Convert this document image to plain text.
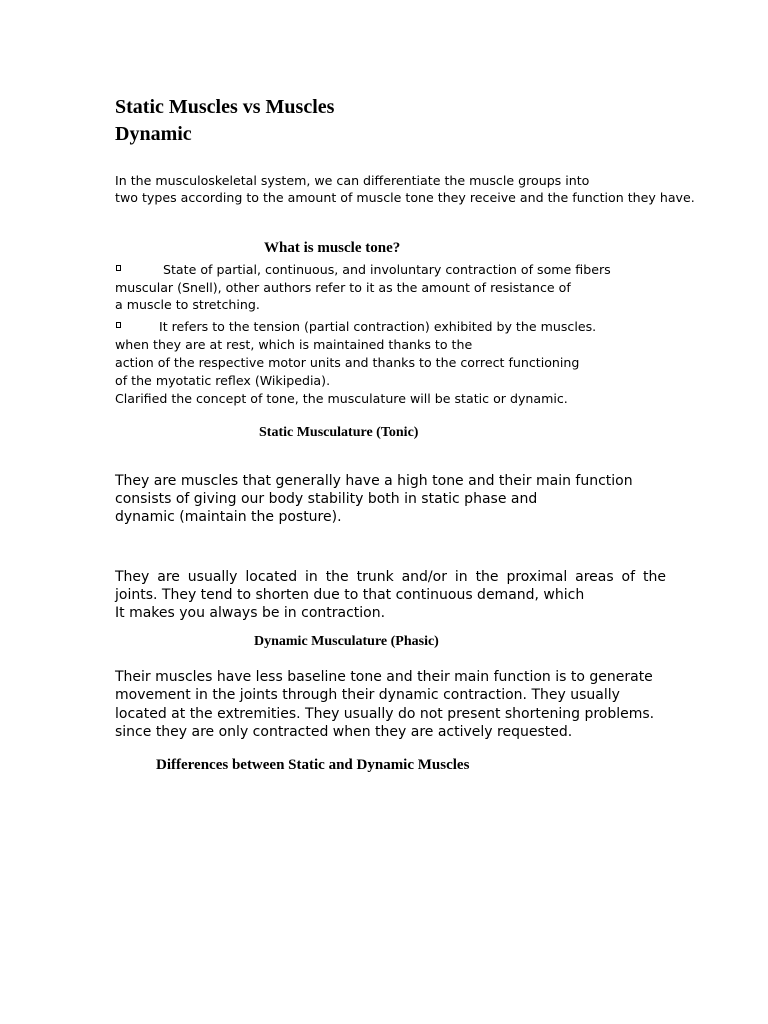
Static Muscles vs Muscles
Dynamic
In the musculoskeletal system, we can differentiate the muscle groups into
two types according to the amount of muscle tone they receive and the function they have.
What is muscle tone?
State of partial, continuous, and involuntary contraction of some fibers
muscular (Snell), other authors refer to it as the amount of resistance of
a muscle to stretching.
It refers to the tension (partial contraction) exhibited by the muscles.
when they are at rest, which is maintained thanks to the
action of the respective motor units and thanks to the correct functioning
of the myotatic reflex (Wikipedia).
Clarified the concept of tone, the musculature will be static or dynamic.
Static Musculature (Tonic)
They are muscles that generally have a high tone and their main function
consists of giving our body stability both in static phase and
dynamic (maintain the posture).
They are usually located in the trunk and/or in the proximal areas of the
joints. They tend to shorten due to that continuous demand, which
It makes you always be in contraction.
Dynamic Musculature (Phasic)
Their muscles have less baseline tone and their main function is to generate
movement in the joints through their dynamic contraction. They usually
located at the extremities. They usually do not present shortening problems.
since they are only contracted when they are actively requested.
Differences between Static and Dynamic Muscles
